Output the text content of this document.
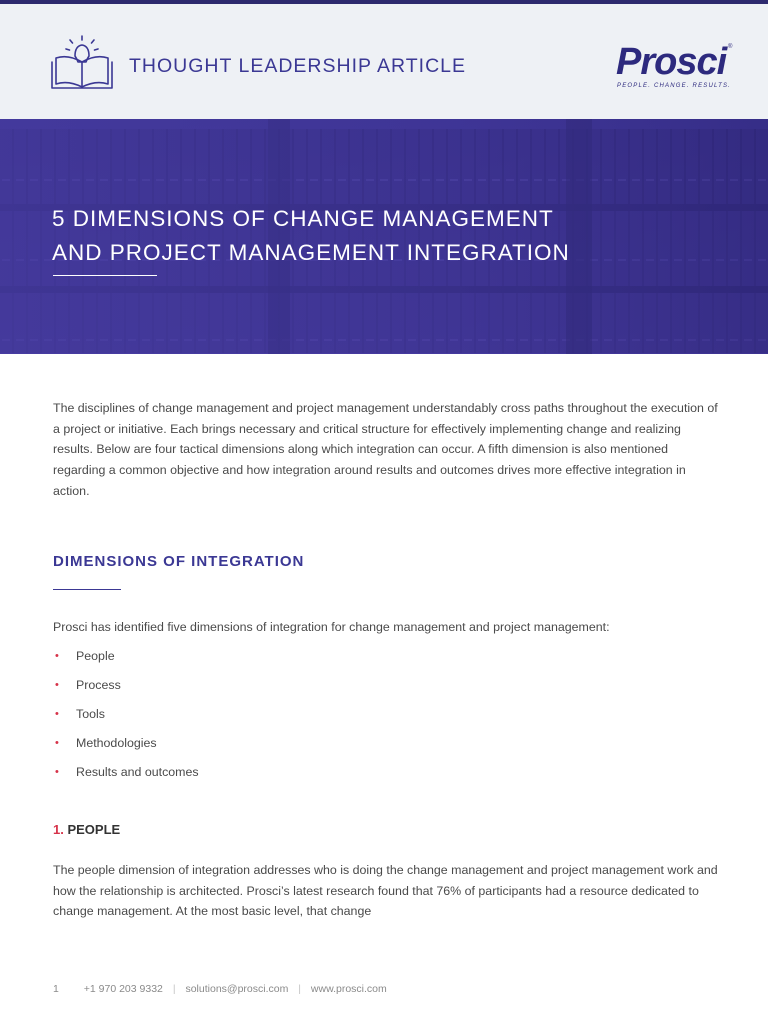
THOUGHT LEADERSHIP ARTICLE	Prosci ®
PEOPLE. CHANGE. RESULTS.
5 DIMENSIONS OF CHANGE MANAGEMENT
AND PROJECT MANAGEMENT INTEGRATION

The disciplines of change management and project management understandably cross paths throughout the execution of a project or initiative. Each brings necessary and critical structure for effectively implementing change and realizing results. Below are four tactical dimensions along which integration can occur. A fifth dimension is also mentioned regarding a common objective and how integration around results and outcomes drives more effective integration in action.

DIMENSIONS OF INTEGRATION

Prosci has identified five dimensions of integration for change management and project management:

• People
• Process
• Tools
• Methodologies
• Results and outcomes
1. PEOPLE

The people dimension of integration addresses who is doing the change management and project management work and how the relationship is architected. Prosci’s latest research found that 76% of participants had a resource dedicated to change management. At the most basic level, that change

1 +1 970 203 9332 | solutions@prosci.com | www.prosci.com
